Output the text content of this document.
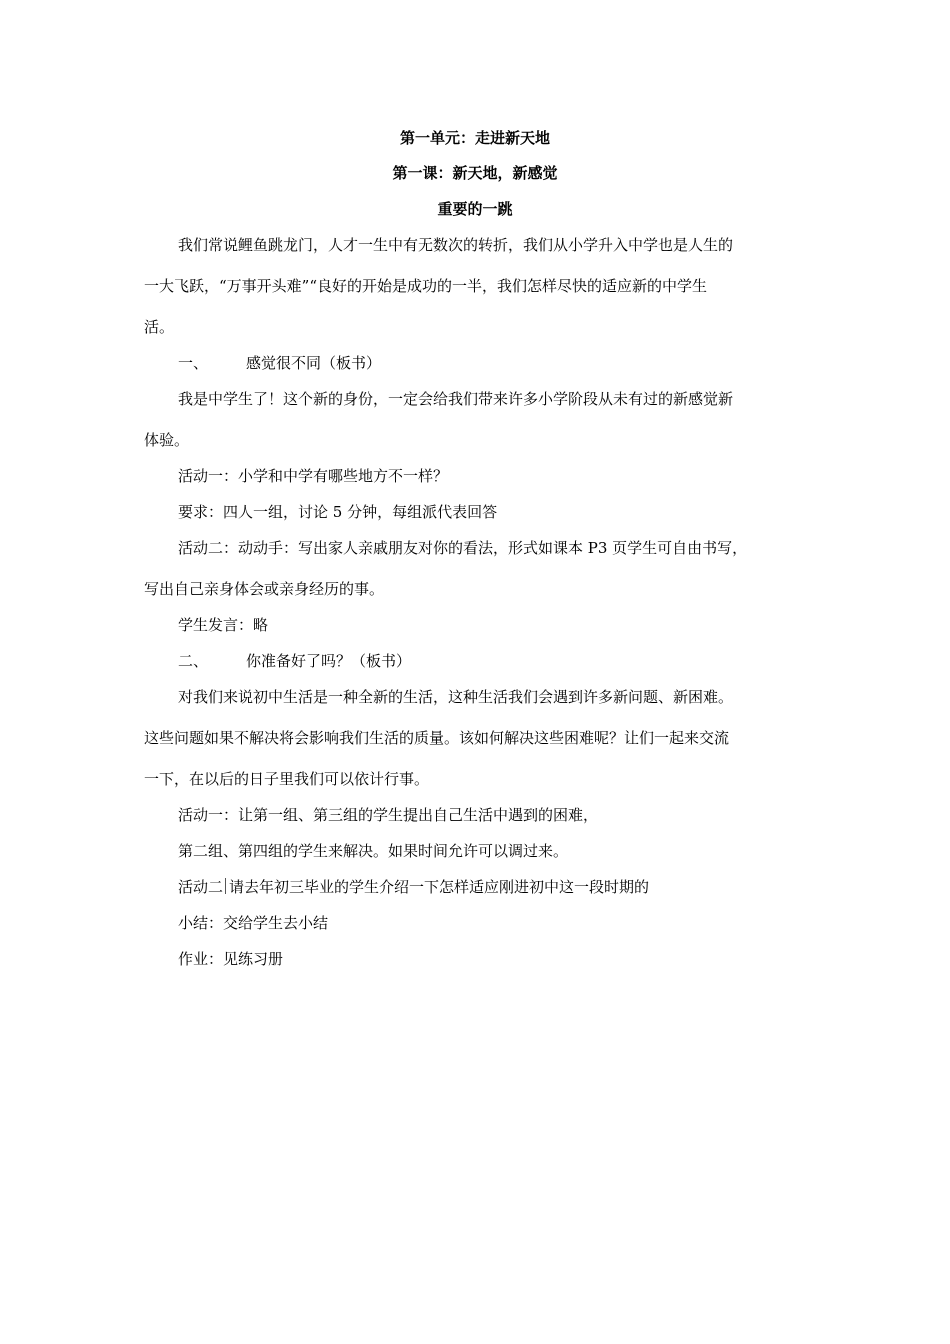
第一单元：走进新天地
第一课：新天地，新感觉
重要的一跳
我们常说鲤鱼跳龙门，人才一生中有无数次的转折，我们从小学升入中学也是人生的
一大飞跃，“万事开头难”“良好的开始是成功的一半，我们怎样尽快的适应新的中学生
活。
一、	感觉很不同（板书）
我是中学生了！这个新的身份，一定会给我们带来许多小学阶段从未有过的新感觉新
体验。
活动一：小学和中学有哪些地方不一样？
要求：四人一组，讨论 5 分钟，每组派代表回答
活动二：动动手：写出家人亲戚朋友对你的看法，形式如课本 P3 页学生可自由书写，
写出自己亲身体会或亲身经历的事。
学生发言：略
二、	你准备好了吗？（板书）
对我们来说初中生活是一种全新的生活，这种生活我们会遇到许多新问题、新困难。
这些问题如果不解决将会影响我们生活的质量。该如何解决这些困难呢？让们一起来交流
一下，在以后的日子里我们可以依计行事。
活动一：让第一组、第三组的学生提出自己生活中遇到的困难，
第二组、第四组的学生来解决。如果时间允许可以调过来。
活动二 请去年初三毕业的学生介绍一下怎样适应刚进初中这一段时期的
小结：交给学生去小结
作业：见练习册
